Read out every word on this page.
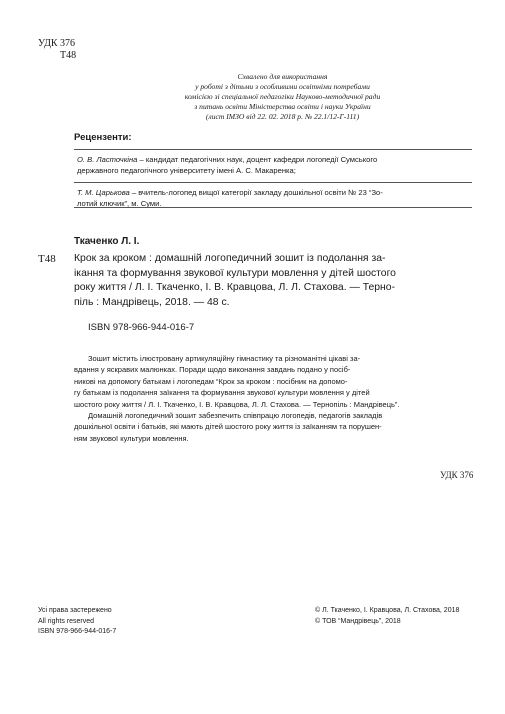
УДК 376
Т48
Схвалено для використання
у роботі з дітьми з особливими освітніми потребами
комісією зі спеціальної педагогіки Науково-методичної ради
з питань освіти Міністерства освіти і науки України
(лист ІМЗО від 22. 02. 2018 р. № 22.1/12-Г-111)
Рецензенти:
О. В. Ласточкіна – кандидат педагогічних наук, доцент кафедри логопедії Сумського
державного педагогічного університету імені А. С. Макаренка;
Т. М. Царькова – вчитель-логопед вищої категорії закладу дошкільної освіти № 23 “Зо-
лотий ключик”, м. Суми.
Ткаченко Л. І.
Т48 Крок за кроком : домашній логопедичний зошит із подолання за-
ікання та формування звукової культури мовлення у дітей шостого
року життя / Л. І. Ткаченко, І. В. Кравцова, Л. Л. Стахова. — Терно-
піль : Мандрівець, 2018. — 48 с.
ISBN 978-966-944-016-7
Зошит містить ілюстровану артикуляційну гімнастику та різноманітні цікаві за-
вдання у яскравих малюнках. Поради щодо виконання завдань подано у посіб-
никові на допомогу батькам і логопедам “Крок за кроком : посібник на допомо-
гу батькам із подолання заїкання та формування звукової культури мовлення у дітей
шостого року життя / Л. І. Ткаченко, І. В. Кравцова, Л. Л. Стахова. — Тернопіль : Мандрівець”.
Домашній логопедичний зошит забезпечить співпрацю логопедів, педагогів закладів
дошкільної освіти і батьків, які мають дітей шостого року життя із заїканням та порушен-
ням звукової культури мовлення.
УДК 376
Усі права застережено
All rights reserved
ISBN 978-966-944-016-7
© Л. Ткаченко, І. Кравцова, Л. Стахова, 2018
© ТОВ “Мандрівець”, 2018
